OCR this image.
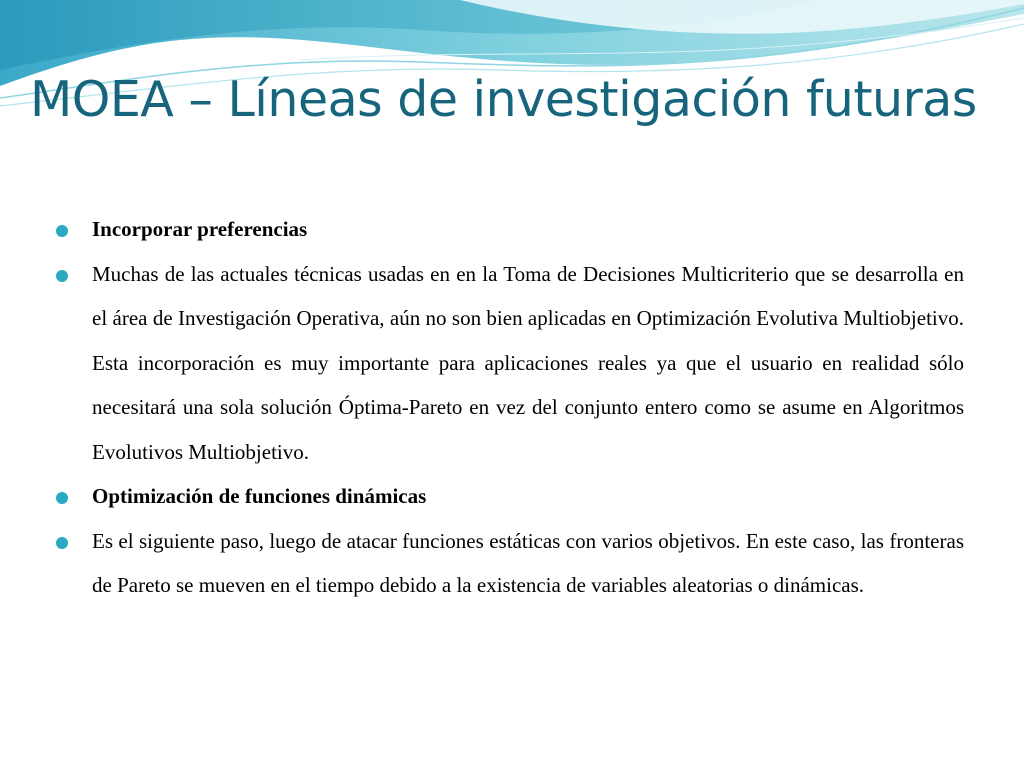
MOEA – Líneas de investigación futuras
Incorporar preferencias
Muchas de las actuales técnicas usadas en en la Toma de Decisiones Multicriterio que se desarrolla en el área de Investigación Operativa, aún no son bien aplicadas en Optimización Evolutiva Multiobjetivo. Esta incorporación es muy importante para aplicaciones reales ya que el usuario en realidad sólo necesitará una sola solución Óptima-Pareto en vez del conjunto entero como se asume en Algoritmos Evolutivos Multiobjetivo.
Optimización de funciones dinámicas
Es el siguiente paso, luego de atacar funciones estáticas con varios objetivos. En este caso, las fronteras de Pareto se mueven en el tiempo debido a la existencia de variables aleatorias o dinámicas.
